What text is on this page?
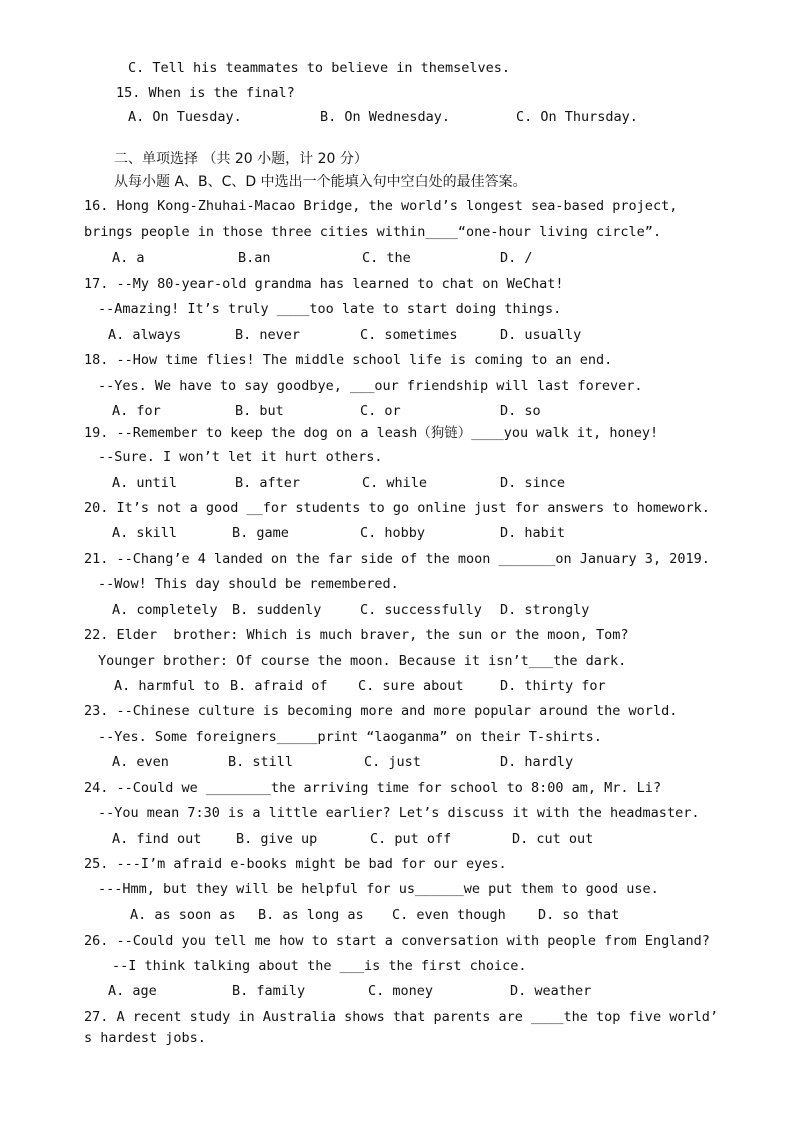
C. Tell his teammates to believe in themselves.
15. When is the final?
A. On Tuesday.	B. On Wednesday.	C. On Thursday.
二、单项选择 （共 20 小题，计 20 分）
从每小题 A、B、C、D 中选出一个能填入句中空白处的最佳答案。
16. Hong Kong-Zhuhai-Macao Bridge, the world’s longest sea-based project,
brings people in those three cities within____“one-hour living circle”.
A. a	B.an	C. the	D. /
17. --My 80-year-old grandma has learned to chat on WeChat!
--Amazing! It’s truly ____too late to start doing things.
A. always	B. never	C. sometimes	D. usually
18. --How time flies! The middle school life is coming to an end.
--Yes. We have to say goodbye, ___our friendship will last forever.
A. for	B. but	C. or	D. so
19. --Remember to keep the dog on a leash（狗链）____you walk it, honey!
--Sure. I won’t let it hurt others.
A. until	B. after	C. while	D. since
20. It’s not a good __for students to go online just for answers to homework.
A. skill	B. game	C. hobby	D. habit
21. --Chang’e 4 landed on the far side of the moon _______on January 3, 2019.
--Wow! This day should be remembered.
A. completely B. suddenly	C. successfully D. strongly
22. Elder  brother: Which is much braver, the sun or the moon, Tom?
Younger brother: Of course the moon. Because it isn’t___the dark.
A. harmful to B. afraid of C. sure about	D. thirty for
23. --Chinese culture is becoming more and more popular around the world.
--Yes. Some foreigners_____print “laoganma” on their T-shirts.
A. even	B. still	C. just	D. hardly
24. --Could we ________the arriving time for school to 8:00 am, Mr. Li?
--You mean 7:30 is a little earlier? Let’s discuss it with the headmaster.
A. find out	B. give up	C. put off	D. cut out
25. ---I’m afraid e-books might be bad for our eyes.
---Hmm, but they will be helpful for us______we put them to good use.
A. as soon as B. as long as C. even though D. so that
26. --Could you tell me how to start a conversation with people from England?
--I think talking about the ___is the first choice.
A. age	B. family	C. money	D. weather
27. A recent study in Australia shows that parents are ____the top five world’
s hardest jobs.
